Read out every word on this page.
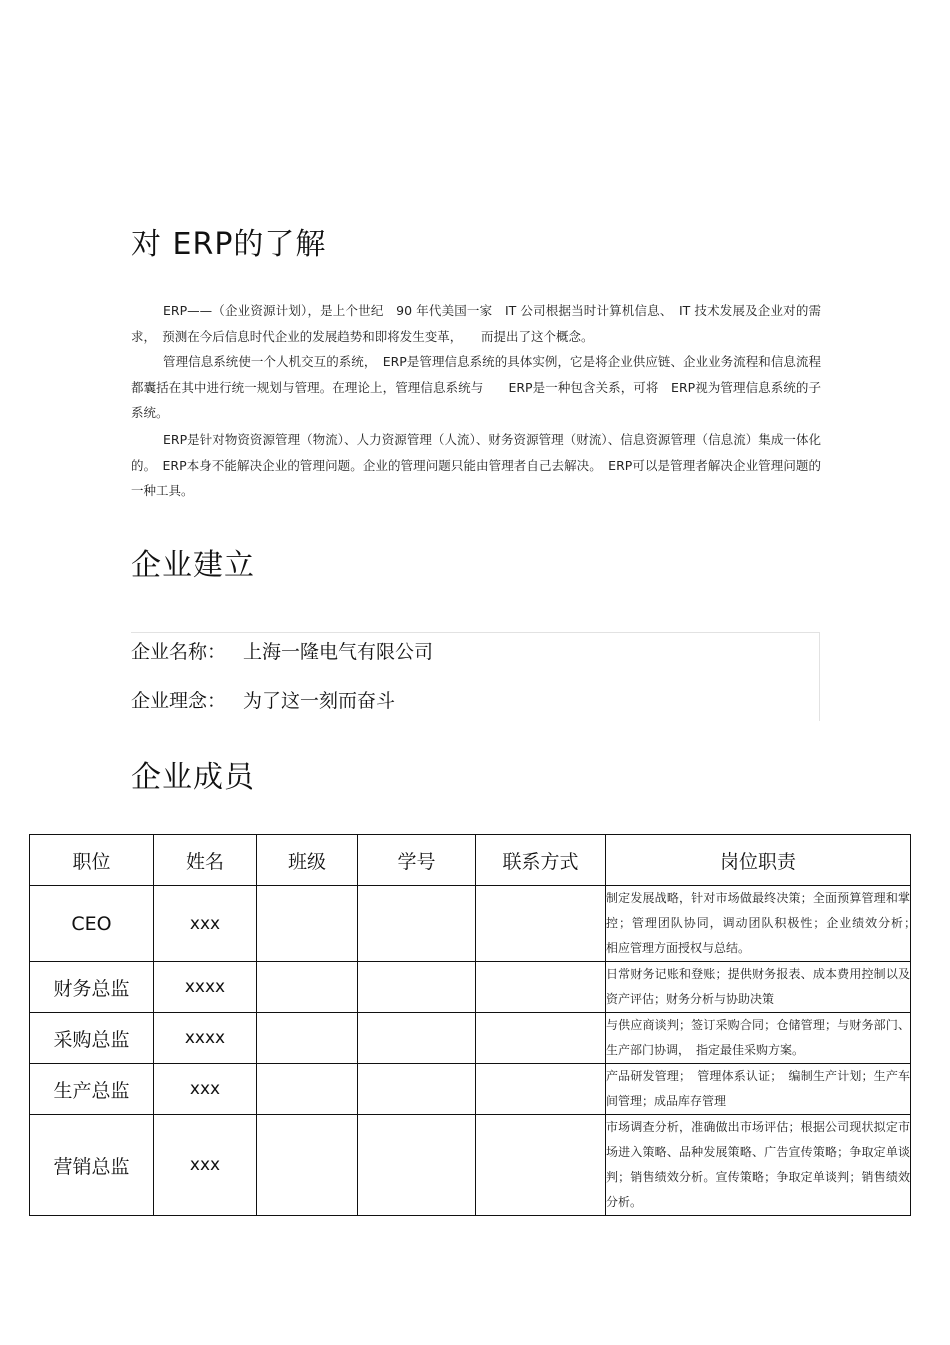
对 ERP的了解

ERP——（企业资源计划），是上个世纪　90 年代美国一家　IT 公司根据当时计算机信息、　IT 技术发展及企业对的需求，　预测在今后信息时代企业的发展趋势和即将发生变革，　　而提出了这个概念。

管理信息系统使一个人机交互的系统，　ERP是管理信息系统的具体实例，它是将企业供应链、企业业务流程和信息流程都囊括在其中进行统一规划与管理。在理论上，管理信息系统与　　ERP是一种包含关系，可将　ERP视为管理信息系统的子系统。

ERP是针对物资资源管理（物流）、人力资源管理（人流）、财务资源管理（财流）、信息资源管理（信息流）集成一体化的。　ERP本身不能解决企业的管理问题。企业的管理问题只能由管理者自己去解决。　ERP可以是管理者解决企业管理问题的一种工具。

企业建立
企业名称： 上海一隆电气有限公司
企业理念： 为了这一刻而奋斗
企业成员
职位	姓名	班级	学号	联系方式	岗位职责
CEO	xxx				制定发展战略，针对市场做最终决策；全面预算管理和掌控；管理团队协同，调动团队积极性；企业绩效分析；　相应管理方面授权与总结。
财务总监	xxxx				日常财务记账和登账；提供财务报表、成本费用控制以及资产评估；财务分析与协助决策
采购总监	xxxx				与供应商谈判；签订采购合同；仓储管理；与财务部门、生产部门协调，　指定最佳采购方案。
生产总监	xxx				产品研发管理；　管理体系认证；　编制生产计划；生产车间管理；成品库存管理
营销总监	xxx				市场调查分析，准确做出市场评估；根据公司现状拟定市场进入策略、品种发展策略、广告宣传策略；争取定单谈判；销售绩效分析。宣传策略；争取定单谈判；销售绩效分析。
